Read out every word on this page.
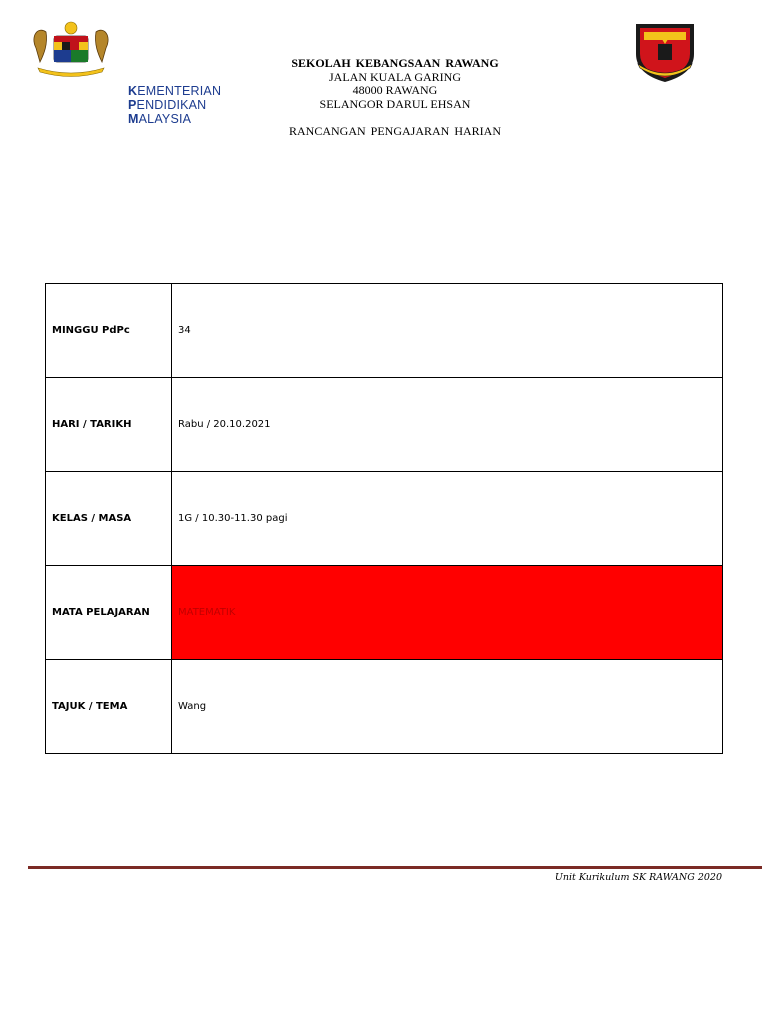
KEMENTERIAN
PENDIDIKAN
MALAYSIA
SEKOLAH KEBANGSAAN RAWANG
JALAN KUALA GARING
48000 RAWANG
SELANGOR DARUL EHSAN
RANCANGAN PENGAJARAN HARIAN
MINGGU PdPc	34
HARI / TARIKH	Rabu / 20.10.2021
KELAS / MASA	1G / 10.30-11.30 pagi
MATA PELAJARAN	MATEMATIK
TAJUK / TEMA	Wang
Unit Kurikulum SK RAWANG 2020
